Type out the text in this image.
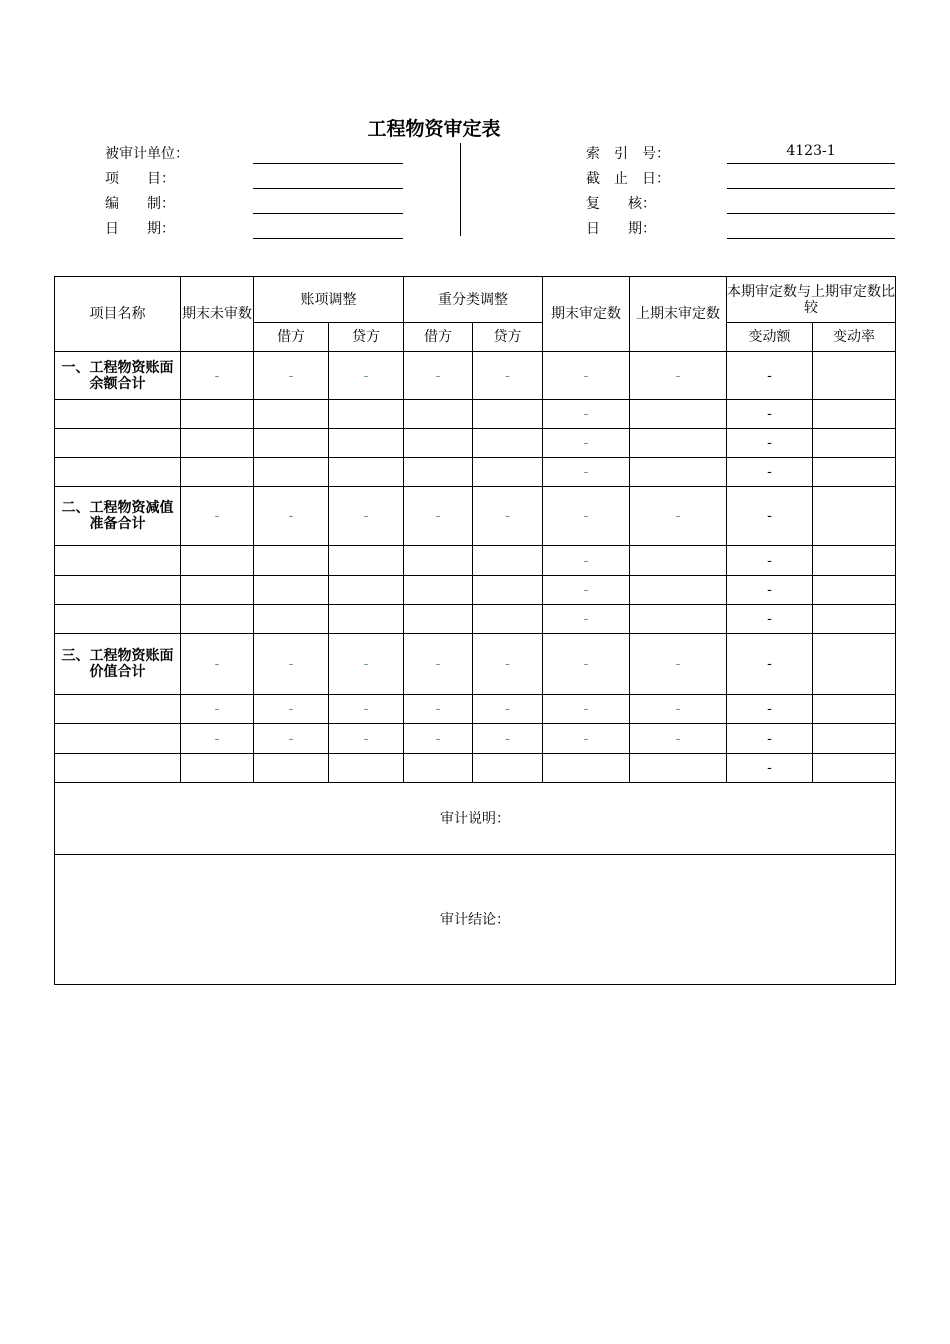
工程物资审定表
被审计单位：
项　　目：
编　　制：
日　　期：
索　引　号：	4123-1
截　止　日：
复　　核：
日　　期：
项目名称	期末未审数	账项调整		重分类调整		期末审定数	上期末审定数	本期审定数与上期审定数比较	
		借方	贷方	借方	贷方			变动额	变动率
一、工程物资账面余额合计	-	-	-	-	-	-	-	-	
						-		-	
						-		-	
						-		-	
二、工程物资减值准备合计	-	-	-	-	-	-	-	-	
						-		-	
						-		-	
						-		-	
三、工程物资账面价值合计	-	-	-	-	-	-	-	-	
	-	-	-	-	-	-	-	-	
	-	-	-	-	-	-	-	-	
								-	
审计说明：									
审计结论：									
